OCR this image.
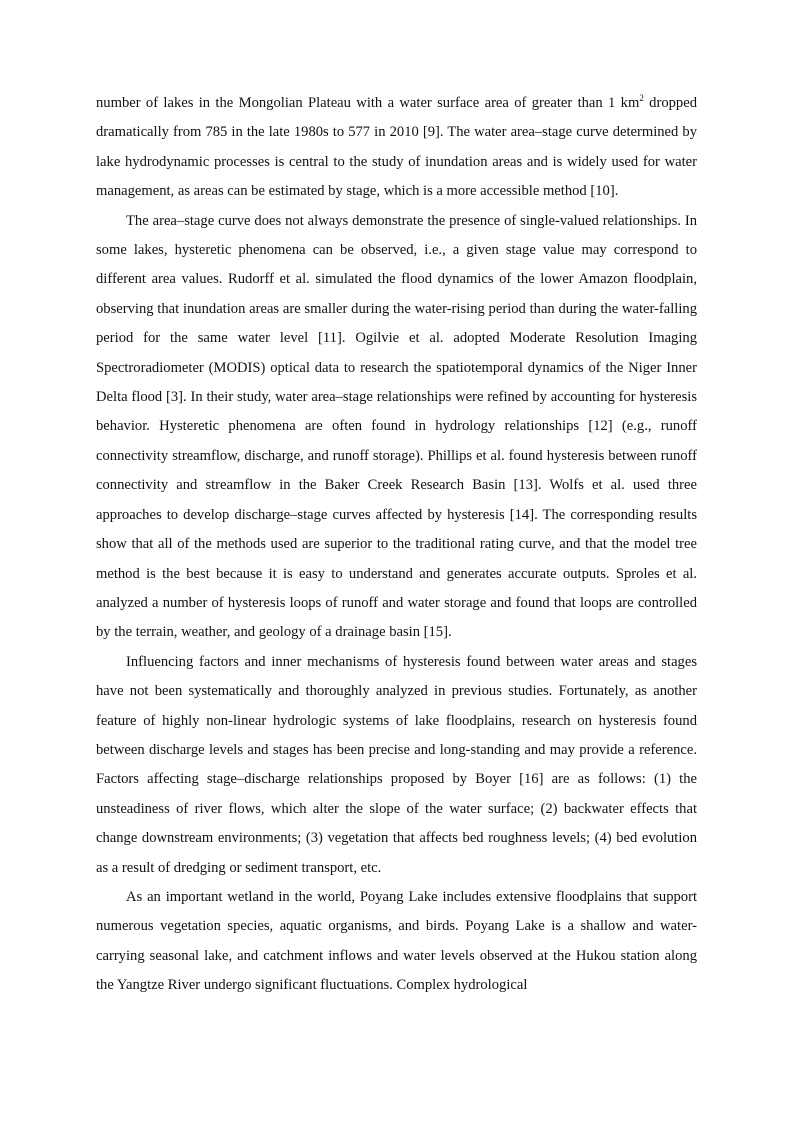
number of lakes in the Mongolian Plateau with a water surface area of greater than 1 $km^2$ dropped dramatically from 785 in the late 1980s to 577 in 2010 [9]. The water area–stage curve determined by lake hydrodynamic processes is central to the study of inundation areas and is widely used for water management, as areas can be estimated by stage, which is a more accessible method [10].

The area–stage curve does not always demonstrate the presence of single-valued relationships. In some lakes, hysteretic phenomena can be observed, i.e., a given stage value may correspond to different area values. Rudorff et al. simulated the flood dynamics of the lower Amazon floodplain, observing that inundation areas are smaller during the water-rising period than during the water-falling period for the same water level [11]. Ogilvie et al. adopted Moderate Resolution Imaging Spectroradiometer (MODIS) optical data to research the spatiotemporal dynamics of the Niger Inner Delta flood [3]. In their study, water area–stage relationships were refined by accounting for hysteresis behavior. Hysteretic phenomena are often found in hydrology relationships [12] (e.g., runoff connectivity streamflow, discharge, and runoff storage). Phillips et al. found hysteresis between runoff connectivity and streamflow in the Baker Creek Research Basin [13]. Wolfs et al. used three approaches to develop discharge–stage curves affected by hysteresis [14]. The corresponding results show that all of the methods used are superior to the traditional rating curve, and that the model tree method is the best because it is easy to understand and generates accurate outputs. Sproles et al. analyzed a number of hysteresis loops of runoff and water storage and found that loops are controlled by the terrain, weather, and geology of a drainage basin [15].

Influencing factors and inner mechanisms of hysteresis found between water areas and stages have not been systematically and thoroughly analyzed in previous studies. Fortunately, as another feature of highly non-linear hydrologic systems of lake floodplains, research on hysteresis found between discharge levels and stages has been precise and long-standing and may provide a reference. Factors affecting stage–discharge relationships proposed by Boyer [16] are as follows: (1) the unsteadiness of river flows, which alter the slope of the water surface; (2) backwater effects that change downstream environments; (3) vegetation that affects bed roughness levels; (4) bed evolution as a result of dredging or sediment transport, etc.

As an important wetland in the world, Poyang Lake includes extensive floodplains that support numerous vegetation species, aquatic organisms, and birds. Poyang Lake is a shallow and water-carrying seasonal lake, and catchment inflows and water levels observed at the Hukou station along the Yangtze River undergo significant fluctuations. Complex hydrological
